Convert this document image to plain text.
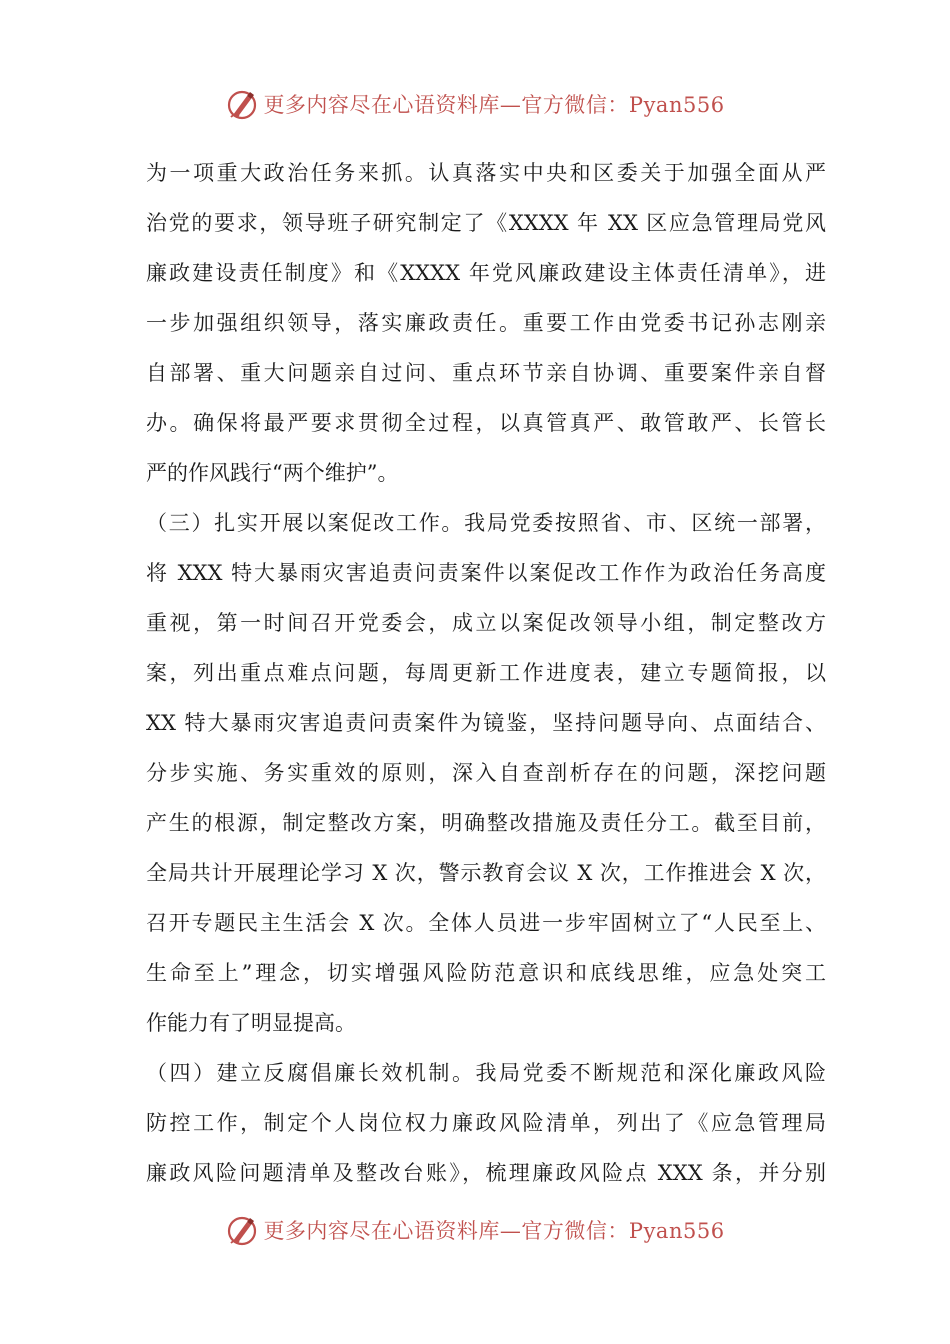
更多内容尽在心语资料库—官方微信：Pyan556
为一项重大政治任务来抓。认真落实中央和区委关于加强全面从严
治党的要求，领导班子研究制定了《XXXX 年 XX 区应急管理局党风
廉政建设责任制度》和《XXXX 年党风廉政建设主体责任清单》，进
一步加强组织领导，落实廉政责任。重要工作由党委书记孙志刚亲
自部署、重大问题亲自过问、重点环节亲自协调、重要案件亲自督
办。确保将最严要求贯彻全过程，以真管真严、敢管敢严、长管长
严的作风践行“两个维护”。
（三）扎实开展以案促改工作。我局党委按照省、市、区统一部署，
将 XXX 特大暴雨灾害追责问责案件以案促改工作作为政治任务高度
重视，第一时间召开党委会，成立以案促改领导小组，制定整改方
案，列出重点难点问题，每周更新工作进度表，建立专题简报，以
XX 特大暴雨灾害追责问责案件为镜鉴，坚持问题导向、点面结合、
分步实施、务实重效的原则，深入自查剖析存在的问题，深挖问题
产生的根源，制定整改方案，明确整改措施及责任分工。截至目前，
全局共计开展理论学习 X 次，警示教育会议 X 次，工作推进会 X 次，
召开专题民主生活会 X 次。全体人员进一步牢固树立了“人民至上、
生命至上”理念，切实增强风险防范意识和底线思维，应急处突工
作能力有了明显提高。
（四）建立反腐倡廉长效机制。我局党委不断规范和深化廉政风险
防控工作，制定个人岗位权力廉政风险清单，列出了《应急管理局
廉政风险问题清单及整改台账》，梳理廉政风险点 XXX 条，并分别
更多内容尽在心语资料库—官方微信：Pyan556
